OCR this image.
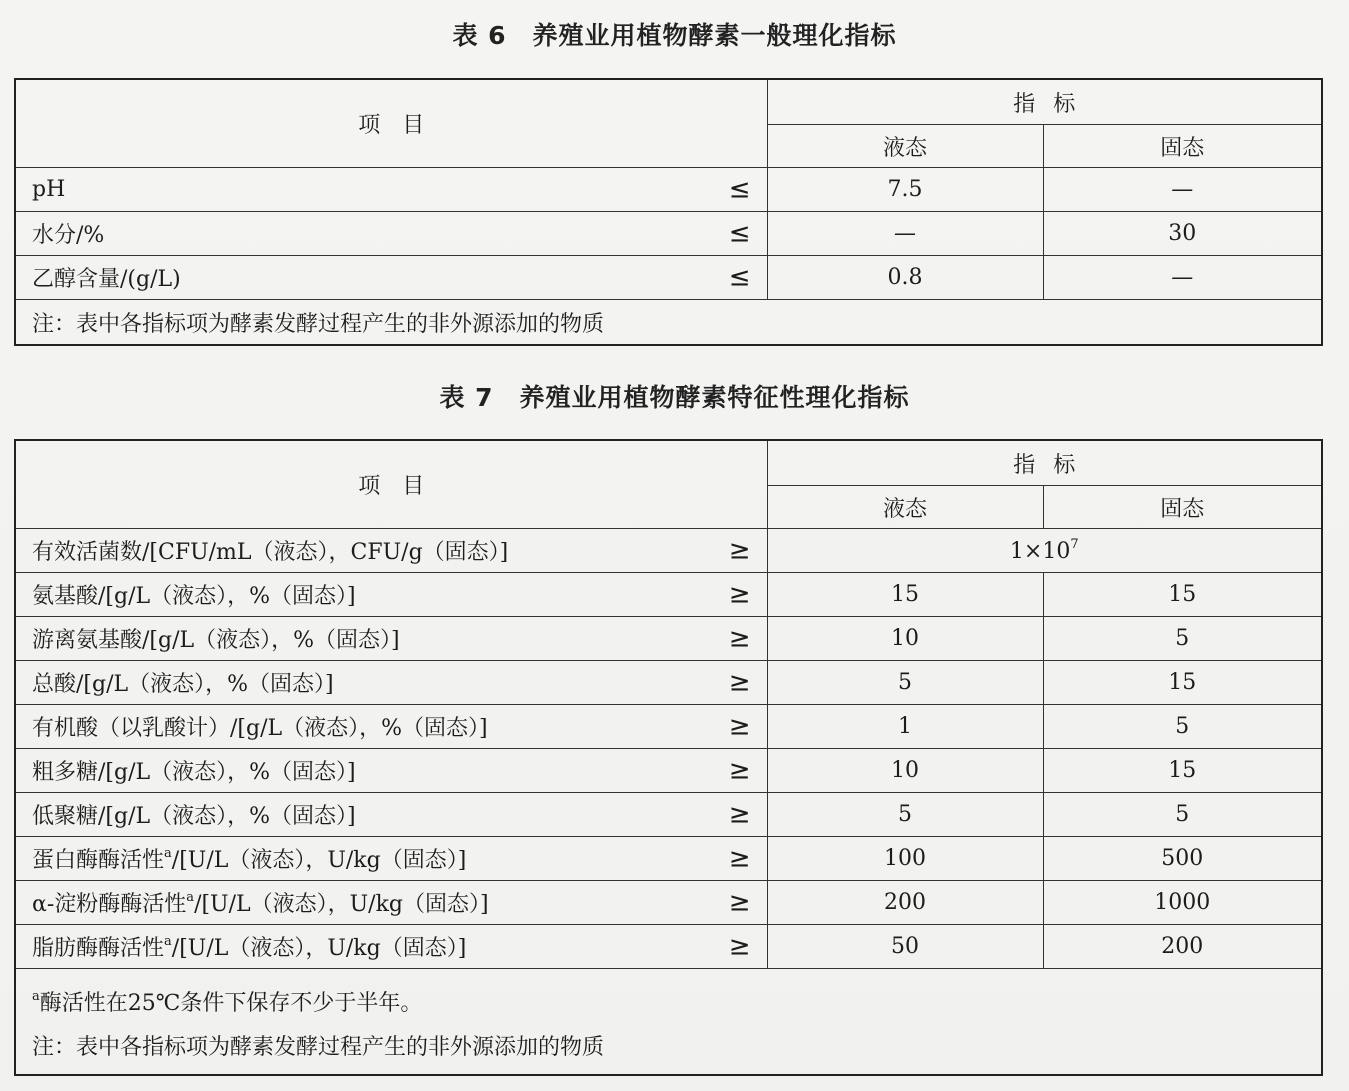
表 6 养殖业用植物酵素一般理化指标
项目	指标	
	液态	固态
pH ≤	7.5	—
水分/% ≤	—	30
乙醇含量/(g/L) ≤	0.8	—
注：表中各指标项为酵素发酵过程产生的非外源添加的物质		
表 7 养殖业用植物酵素特征性理化指标
项目	指标	
	液态	固态
有效活菌数/[CFU/mL（液态），CFU/g（固态）] ≥	$1\times 10^7$
氨基酸/[g/L（液态），%（固态）] ≥	15	15
游离氨基酸/[g/L（液态），%（固态）] ≥	10	5
总酸/[g/L（液态），%（固态）] ≥	5	15
有机酸（以乳酸计）/[g/L（液态），%（固态）] ≥	1	5
粗多糖/[g/L（液态），%（固态）] ≥	10	15
低聚糖/[g/L（液态），%（固态）] ≥	5	5
蛋白酶酶活性$^a$/[U/L（液态），U/kg（固态）] ≥	100	500
α-淀粉酶酶活性$^a$/[U/L（液态），U/kg（固态）] ≥	200	1000
脂肪酶酶活性$^a$/[U/L（液态），U/kg（固态）] ≥	50	200

$^a$酶活性在25℃条件下保存不少于半年。
注：表中各指标项为酵素发酵过程产生的非外源添加的物质		
